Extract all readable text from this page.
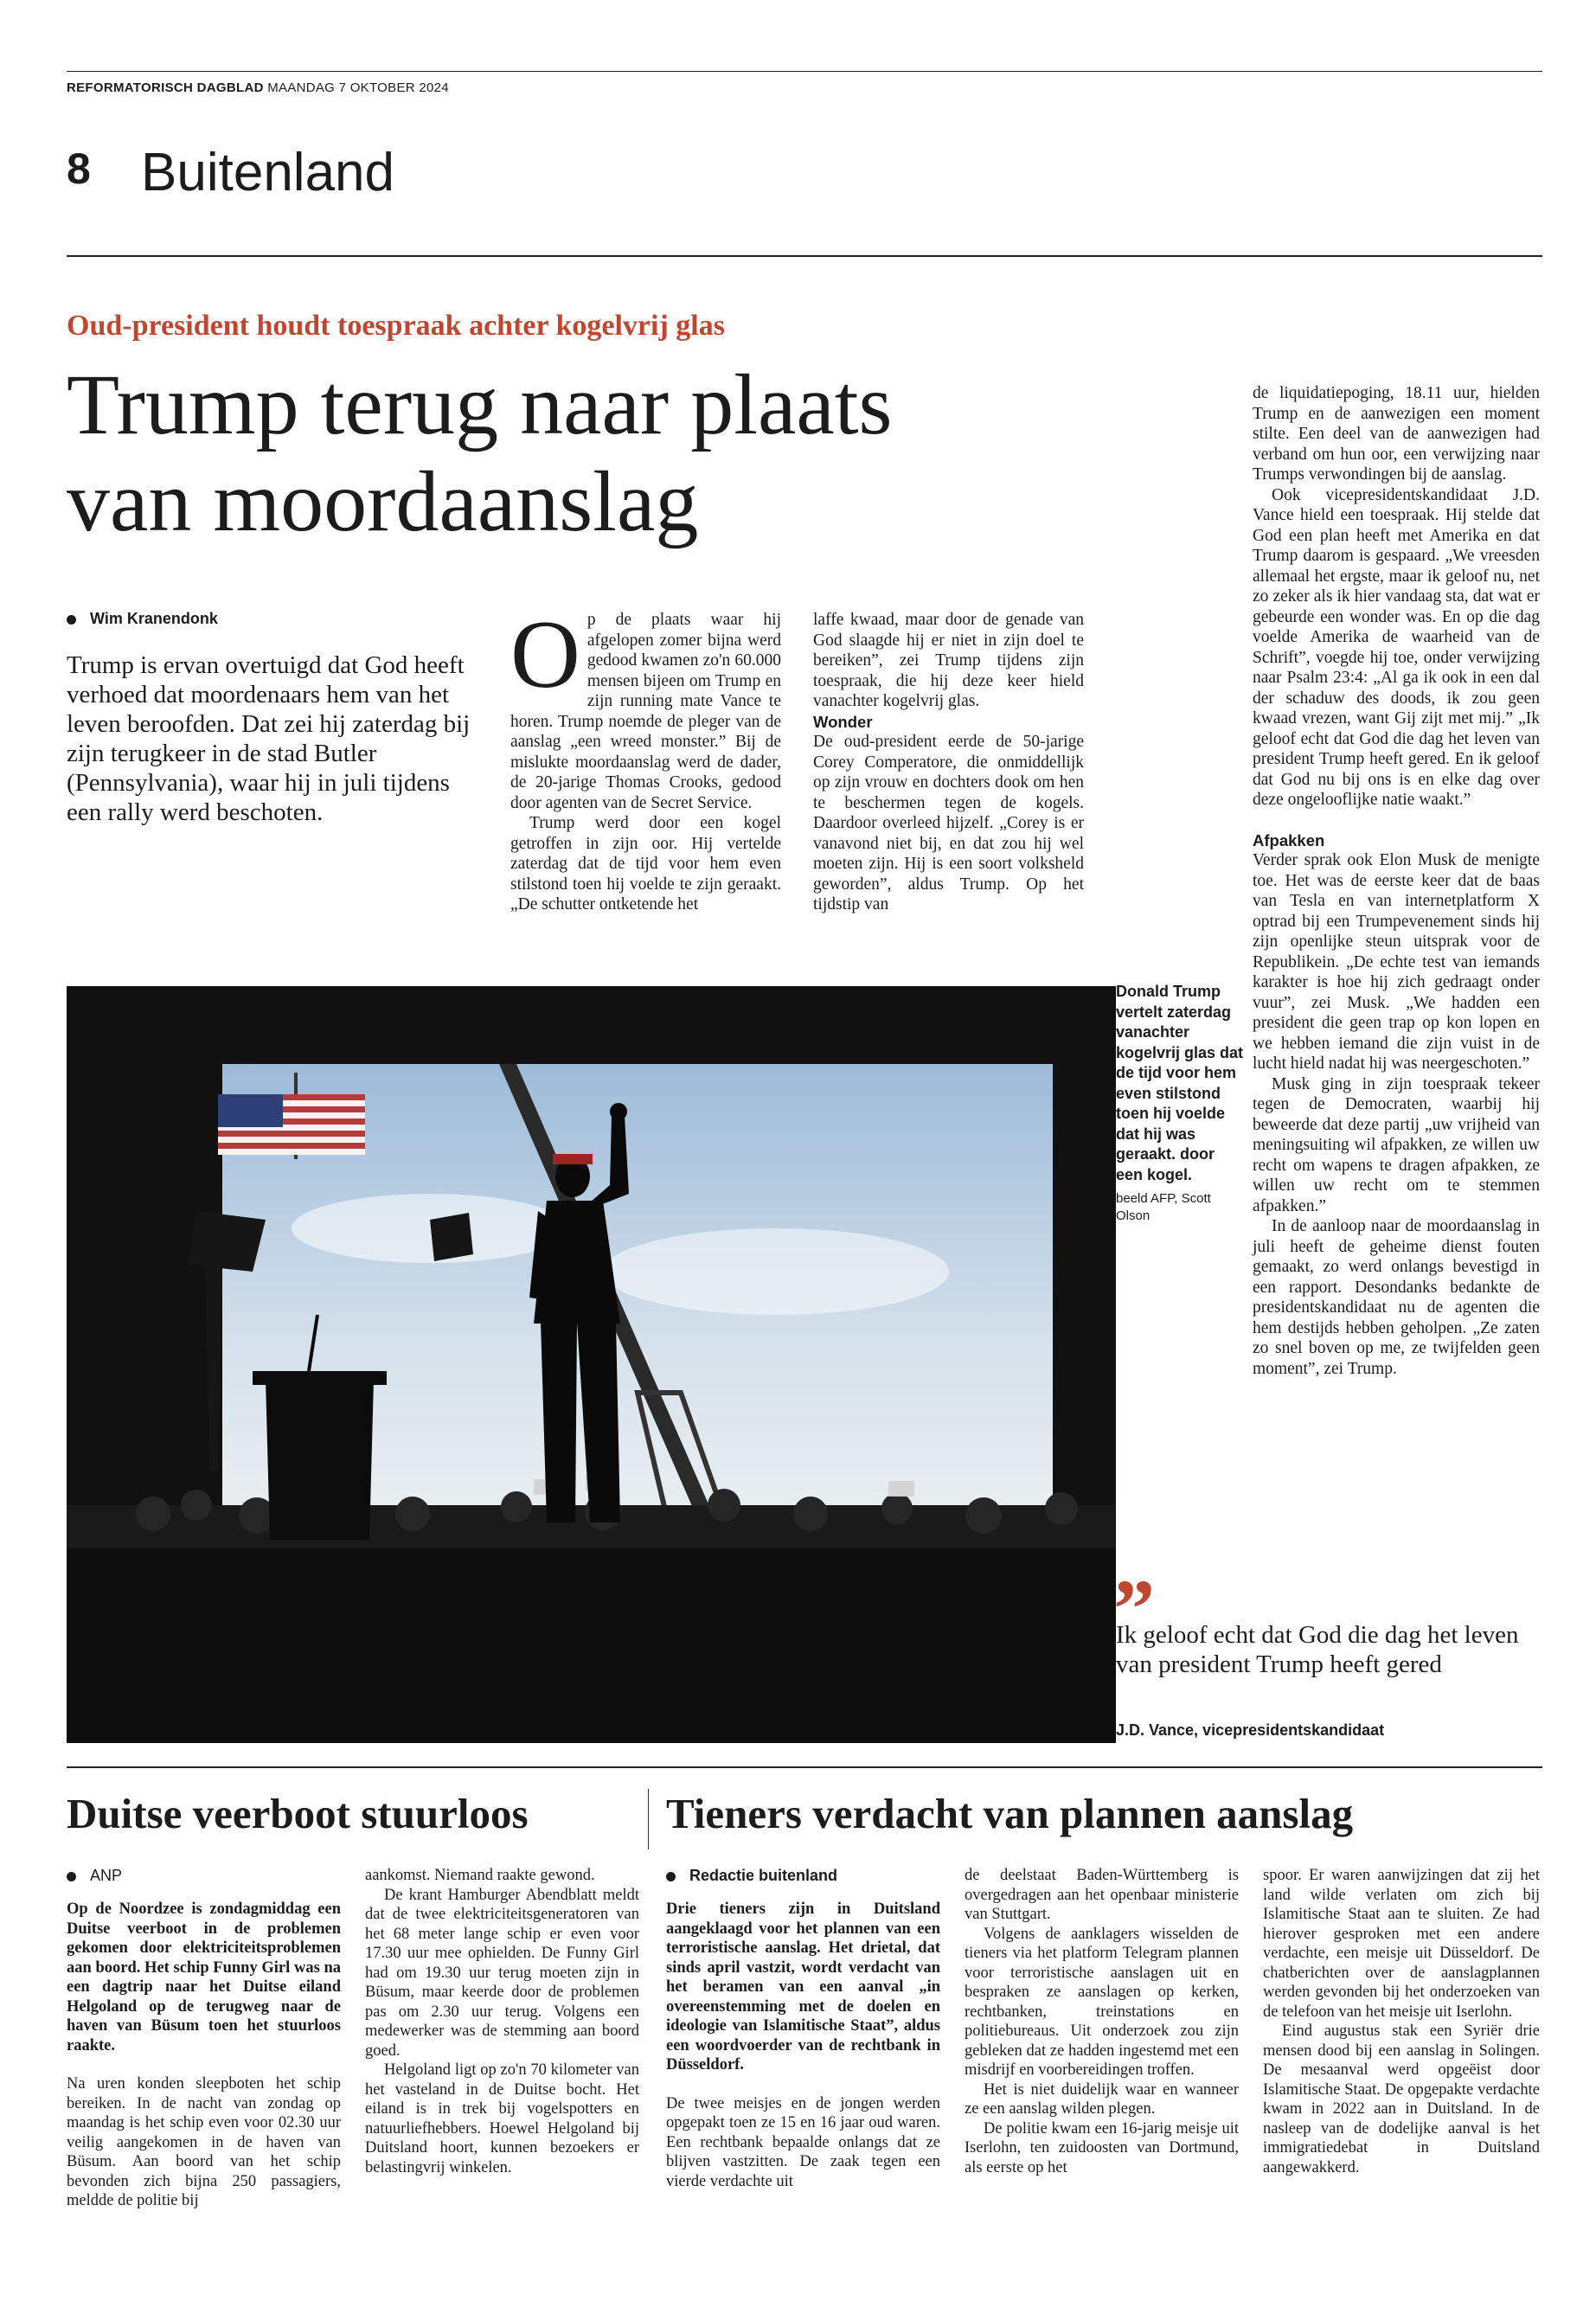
REFORMATORISCH DAGBLAD MAANDAG 7 OKTOBER 2024
8 Buitenland
Oud-president houdt toespraak achter kogelvrij glas
Trump terug naar plaats
van moordaanslag
Wim Kranendonk
Trump is ervan overtuigd dat God heeft verhoed dat moordenaars hem van het leven beroofden. Dat zei hij zaterdag bij zijn terugkeer in de stad Butler (Pennsylvania), waar hij in juli tijdens een rally werd beschoten.

Op de plaats waar hij afgelopen zomer bijna werd gedood kwamen zo'n 60.000 mensen bijeen om Trump en zijn running mate Vance te horen. Trump noemde de pleger van de aanslag „een wreed monster.” Bij de mislukte moordaanslag werd de dader, de 20-jarige Thomas Crooks, gedood door agenten van de Secret Service.

Trump werd door een kogel getroffen in zijn oor. Hij vertelde zaterdag dat de tijd voor hem even stilstond toen hij voelde te zijn geraakt. „De schutter ontketende het

laffe kwaad, maar door de genade van God slaagde hij er niet in zijn doel te bereiken”, zei Trump tijdens zijn toespraak, die hij deze keer hield vanachter kogelvrij glas.

Wonder

De oud-president eerde de 50-jarige Corey Comperatore, die onmiddellijk op zijn vrouw en dochters dook om hen te beschermen tegen de kogels. Daardoor overleed hijzelf. „Corey is er vanavond niet bij, en dat zou hij wel moeten zijn. Hij is een soort volksheld geworden”, aldus Trump. Op het tijdstip van

de liquidatiepoging, 18.11 uur, hielden Trump en de aanwezigen een moment stilte. Een deel van de aanwezigen had verband om hun oor, een verwijzing naar Trumps verwondingen bij de aanslag.

Ook vicepresidentskandidaat J.D. Vance hield een toespraak. Hij stelde dat God een plan heeft met Amerika en dat Trump daarom is gespaard. „We vreesden allemaal het ergste, maar ik geloof nu, net zo zeker als ik hier vandaag sta, dat wat er gebeurde een wonder was. En op die dag voelde Amerika de waarheid van de Schrift”, voegde hij toe, onder verwijzing naar Psalm 23:4: „Al ga ik ook in een dal der schaduw des doods, ik zou geen kwaad vrezen, want Gij zijt met mij.” „Ik geloof echt dat God die dag het leven van president Trump heeft gered. En ik geloof dat God nu bij ons is en elke dag over deze ongelooflijke natie waakt.”

Afpakken

Verder sprak ook Elon Musk de menigte toe. Het was de eerste keer dat de baas van Tesla en van internetplatform X optrad bij een Trumpevenement sinds hij zijn openlijke steun uitsprak voor de Republikein. „De echte test van iemands karakter is hoe hij zich gedraagt onder vuur”, zei Musk. „We hadden een president die geen trap op kon lopen en we hebben iemand die zijn vuist in de lucht hield nadat hij was neergeschoten.”

Musk ging in zijn toespraak tekeer tegen de Democraten, waarbij hij beweerde dat deze partij „uw vrijheid van meningsuiting wil afpakken, ze willen uw recht om wapens te dragen afpakken, ze willen uw recht om te stemmen afpakken.”

In de aanloop naar de moordaanslag in juli heeft de geheime dienst fouten gemaakt, zo werd onlangs bevestigd in een rapport. Desondanks bedankte de presidentskandidaat nu de agenten die hem destijds hebben geholpen. „Ze zaten zo snel boven op me, ze twijfelden geen moment”, zei Trump.

Donald Trump vertelt zaterdag vanachter kogelvrij glas dat de tijd voor hem even stilstond toen hij voelde dat hij was geraakt. door een kogel.
beeld AFP, Scott Olson
”
Ik geloof echt dat God die dag het leven van president Trump heeft gered
J.D. Vance, vicepresidentskandidaat
Duitse veerboot stuurloos	Tieners verdacht van plannen aanslag
ANP

Op de Noordzee is zondagmiddag een Duitse veerboot in de problemen gekomen door elektriciteitsproblemen aan boord. Het schip Funny Girl was na een dagtrip naar het Duitse eiland Helgoland op de terugweg naar de haven van Büsum toen het stuurloos raakte.

Na uren konden sleepboten het schip bereiken. In de nacht van zondag op maandag is het schip even voor 02.30 uur veilig aangekomen in de haven van Büsum. Aan boord van het schip bevonden zich bijna 250 passagiers, meldde de politie bij

aankomst. Niemand raakte gewond.

De krant Hamburger Abendblatt meldt dat de twee elektriciteitsgeneratoren van het 68 meter lange schip er even voor 17.30 uur mee ophielden. De Funny Girl had om 19.30 uur terug moeten zijn in Büsum, maar keerde door de problemen pas om 2.30 uur terug. Volgens een medewerker was de stemming aan boord goed.

Helgoland ligt op zo'n 70 kilometer van het vasteland in de Duitse bocht. Het eiland is in trek bij vogelspotters en natuurliefhebbers. Hoewel Helgoland bij Duitsland hoort, kunnen bezoekers er belastingvrij winkelen.

Redactie buitenland

Drie tieners zijn in Duitsland aangeklaagd voor het plannen van een terroristische aanslag. Het drietal, dat sinds april vastzit, wordt verdacht van het beramen van een aanval „in overeenstemming met de doelen en ideologie van Islamitische Staat”, aldus een woordvoerder van de rechtbank in Düsseldorf.

De twee meisjes en de jongen werden opgepakt toen ze 15 en 16 jaar oud waren. Een rechtbank bepaalde onlangs dat ze blijven vastzitten. De zaak tegen een vierde verdachte uit

de deelstaat Baden-Württemberg is overgedragen aan het openbaar ministerie van Stuttgart.

Volgens de aanklagers wisselden de tieners via het platform Telegram plannen voor terroristische aanslagen uit en bespraken ze aanslagen op kerken, rechtbanken, treinstations en politiebureaus. Uit onderzoek zou zijn gebleken dat ze hadden ingestemd met een misdrijf en voorbereidingen troffen.

Het is niet duidelijk waar en wanneer ze een aanslag wilden plegen.

De politie kwam een 16-jarig meisje uit Iserlohn, ten zuidoosten van Dortmund, als eerste op het

spoor. Er waren aanwijzingen dat zij het land wilde verlaten om zich bij Islamitische Staat aan te sluiten. Ze had hierover gesproken met een andere verdachte, een meisje uit Düsseldorf. De chatberichten over de aanslagplannen werden gevonden bij het onderzoeken van de telefoon van het meisje uit Iserlohn.

Eind augustus stak een Syriër drie mensen dood bij een aanslag in Solingen. De mesaanval werd opgeëist door Islamitische Staat. De opgepakte verdachte kwam in 2022 aan in Duitsland. In de nasleep van de dodelijke aanval is het immigratiedebat in Duitsland aangewakkerd.
